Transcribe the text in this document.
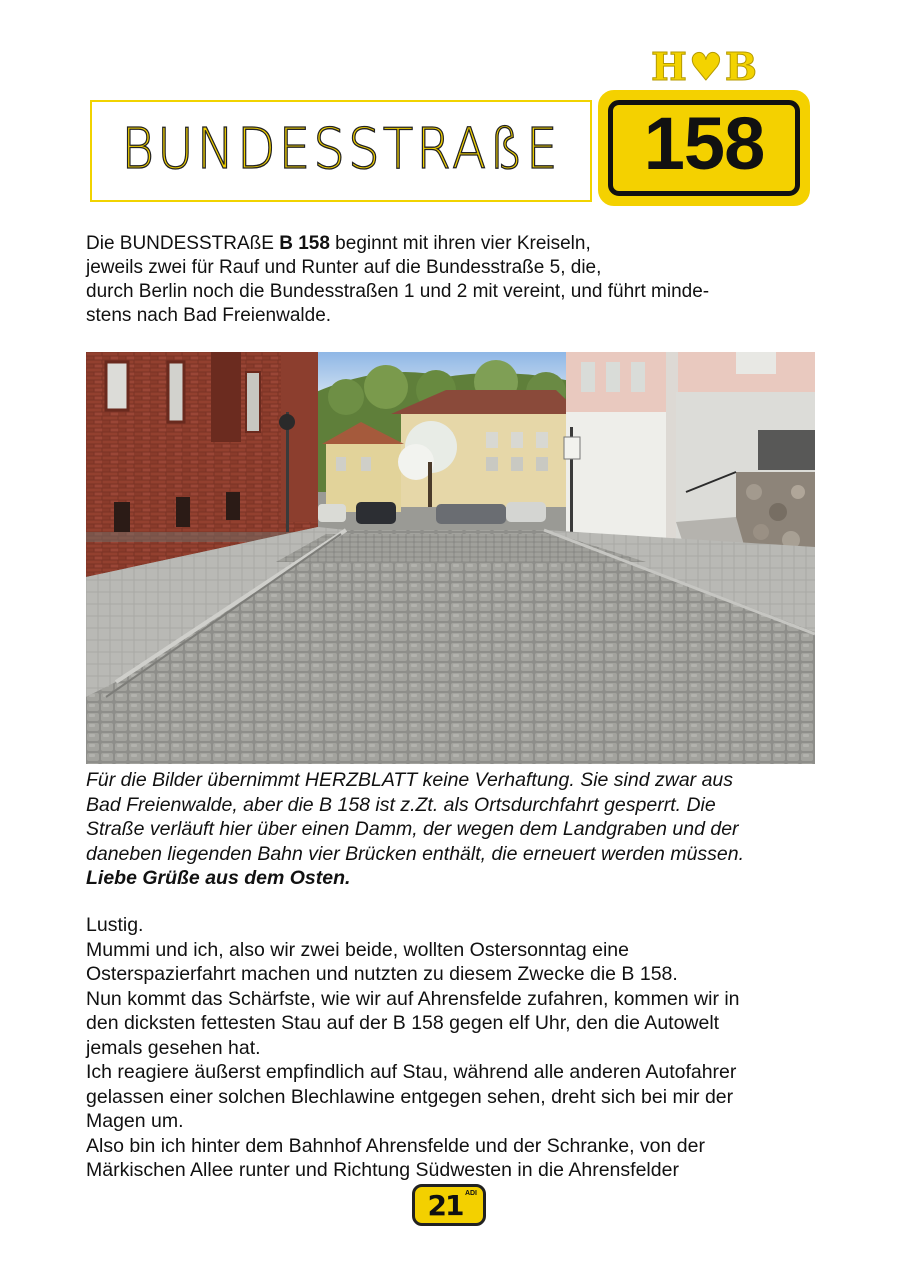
BUNDESSTRAßE
H♥B
158

Die BUNDESSTRAßE B 158 beginnt mit ihren vier Kreiseln,

jeweils zwei für Rauf und Runter auf die Bundesstraße 5, die,

durch Berlin noch die Bundesstraßen 1 und 2 mit vereint, und führt minde-

stens nach Bad Freienwalde.

Für die Bilder übernimmt HERZBLATT keine Verhaftung. Sie sind zwar aus

Bad Freienwalde, aber die B 158 ist z.Zt. als Ortsdurchfahrt gesperrt. Die

Straße verläuft hier über einen Damm, der wegen dem Landgraben und der

daneben liegenden Bahn vier Brücken enthält, die erneuert werden müssen.

Liebe Grüße aus dem Osten.

Lustig.

Mummi und ich, also wir zwei beide, wollten Ostersonntag eine

Osterspazierfahrt machen und nutzten zu diesem Zwecke die B 158.

Nun kommt das Schärfste, wie wir auf Ahrensfelde zufahren, kommen wir in

den dicksten fettesten Stau auf der B 158 gegen elf Uhr, den die Autowelt

jemals gesehen hat.

Ich reagiere äußerst empfindlich auf Stau, während alle anderen Autofahrer

gelassen einer solchen Blechlawine entgegen sehen, dreht sich bei mir der

Magen um.

Also bin ich hinter dem Bahnhof Ahrensfelde und der Schranke, von der

Märkischen Allee runter und Richtung Südwesten in die Ahrensfelder

21 ADI
